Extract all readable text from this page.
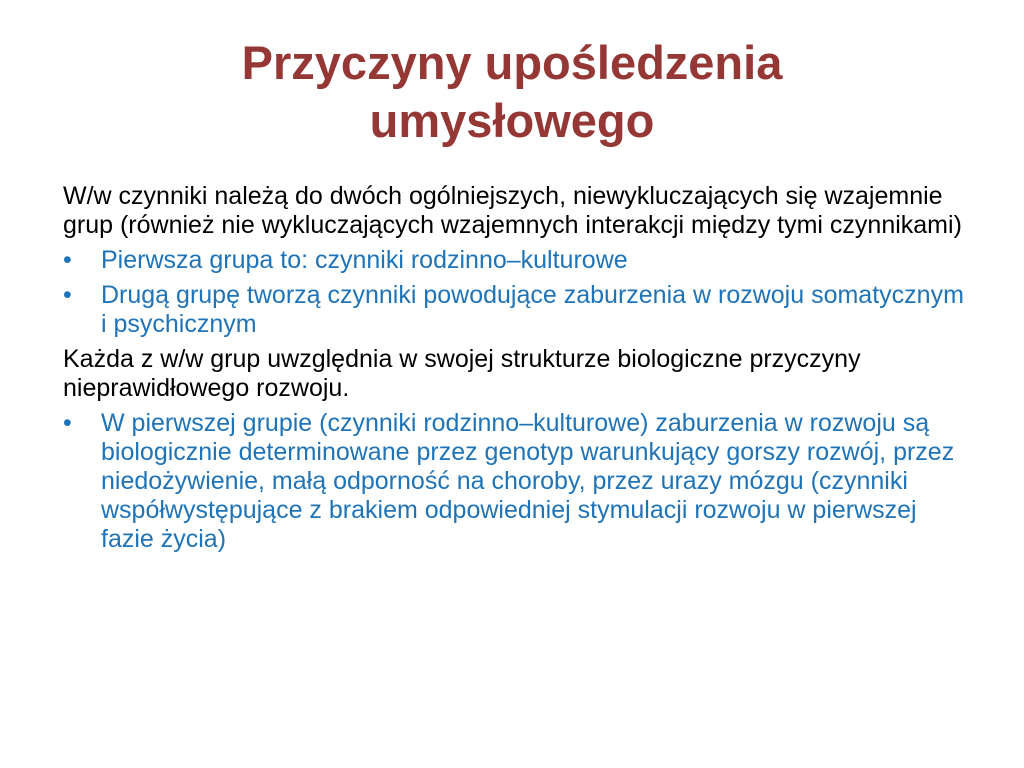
Przyczyny upośledzenia
umysłowego

W/w czynniki należą do dwóch ogólniejszych, niewykluczających się wzajemnie grup (również nie wykluczających wzajemnych interakcji między tymi czynnikami)

• Pierwsza grupa to: czynniki rodzinno–kulturowe
• Drugą grupę tworzą czynniki powodujące zaburzenia w rozwoju somatycznym i psychicznym

Każda z w/w grup uwzględnia w swojej strukturze biologiczne przyczyny nieprawidłowego rozwoju.

• W pierwszej grupie (czynniki rodzinno–kulturowe) zaburzenia w rozwoju są biologicznie determinowane przez genotyp warunkujący gorszy rozwój, przez niedożywienie, małą odporność na choroby, przez urazy mózgu (czynniki współwystępujące z brakiem odpowiedniej stymulacji rozwoju w pierwszej fazie życia)
